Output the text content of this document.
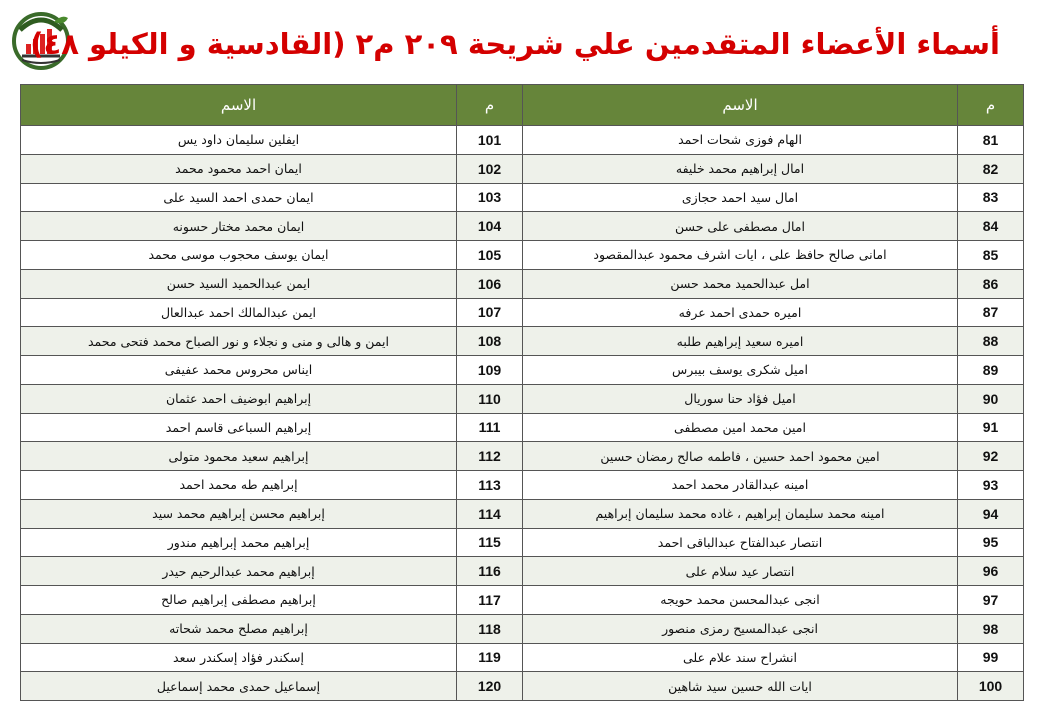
أسماء الأعضاء المتقدمين علي شريحة ٢٠٩ م٢ (القادسية و الكيلو ٤٨)
م	الاسم	م	الاسم
81	الهام فوزى شحات احمد	101	ايفلين سليمان داود يس
82	امال إبراهيم محمد خليفه	102	ايمان احمد محمود محمد
83	امال سيد احمد حجازى	103	ايمان حمدى احمد السيد على
84	امال مصطفى على حسن	104	ايمان محمد مختار حسونه
85	امانى صالح حافظ على ، ايات اشرف محمود عبدالمقصود	105	ايمان يوسف محجوب موسى محمد
86	امل عبدالحميد محمد حسن	106	ايمن عبدالحميد السيد حسن
87	اميره حمدى احمد عرفه	107	ايمن عبدالمالك احمد عبدالعال
88	اميره سعيد إبراهيم طلبه	108	ايمن و هالى و منى و نجلاء و نور الصباح محمد فتحى محمد
89	اميل شكرى يوسف بيبرس	109	ايناس محروس محمد عفيفى
90	اميل فؤاد حنا سوريال	110	إبراهيم ابوضيف احمد عثمان
91	امين محمد امين مصطفى	111	إبراهيم السباعى قاسم احمد
92	امين محمود احمد حسين ، فاطمه صالح رمضان حسين	112	إبراهيم سعيد محمود متولى
93	امينه عبدالقادر محمد احمد	113	إبراهيم طه محمد احمد
94	امينه محمد سليمان إبراهيم ، غاده محمد سليمان إبراهيم	114	إبراهيم محسن إبراهيم محمد سيد
95	انتصار عبدالفتاح عبدالباقى احمد	115	إبراهيم محمد إبراهيم مندور
96	انتصار عيد سلام على	116	إبراهيم محمد عبدالرحيم حيدر
97	انجى عبدالمحسن محمد حويجه	117	إبراهيم مصطفى إبراهيم صالح
98	انجى عبدالمسيح رمزى منصور	118	إبراهيم مصلح محمد شحاته
99	انشراح سند علام على	119	إسكندر فؤاد إسكندر سعد
100	ايات الله حسين سيد شاهين	120	إسماعيل حمدى محمد إسماعيل
